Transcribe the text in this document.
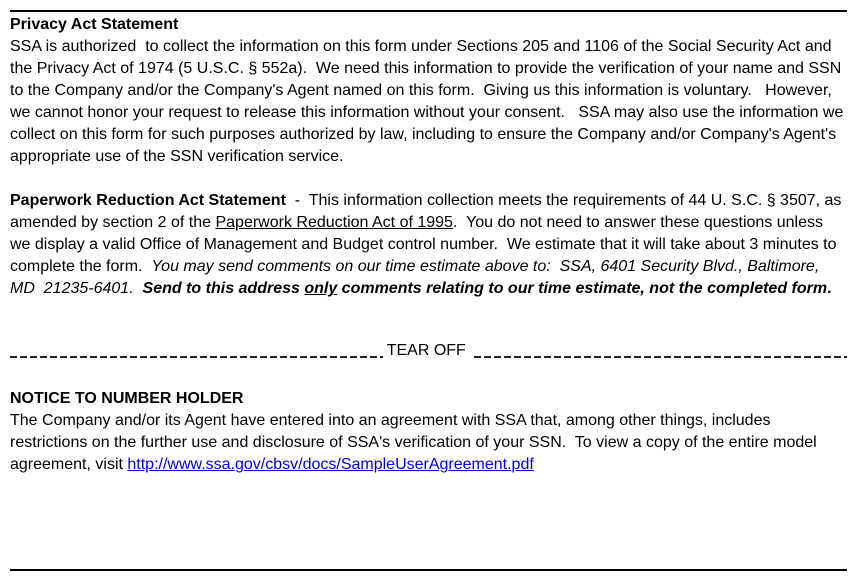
Privacy Act Statement

SSA is authorized  to collect the information on this form under Sections 205 and 1106 of the Social Security Act and the Privacy Act of 1974 (5 U.S.C. § 552a).  We need this information to provide the verification of your name and SSN to the Company and/or the Company's Agent named on this form.  Giving us this information is voluntary.   However, we cannot honor your request to release this information without your consent.   SSA may also use the information we collect on this form for such purposes authorized by law, including to ensure the Company and/or Company's Agent's appropriate use of the SSN verification service.

Paperwork Reduction Act Statement  -  This information collection meets the requirements of 44 U. S.C. § 3507, as amended by section 2 of the Paperwork Reduction Act of 1995.  You do not need to answer these questions unless we display a valid Office of Management and Budget control number.  We estimate that it will take about 3 minutes to complete the form.  You may send comments on our time estimate above to:  SSA, 6401 Security Blvd., Baltimore, MD  21235-6401.  Send to this address only comments relating to our time estimate, not the completed form.

TEAR OFF

NOTICE TO NUMBER HOLDER

The Company and/or its Agent have entered into an agreement with SSA that, among other things, includes restrictions on the further use and disclosure of SSA's verification of your SSN.  To view a copy of the entire model agreement, visit http://www.ssa.gov/cbsv/docs/SampleUserAgreement.pdf
